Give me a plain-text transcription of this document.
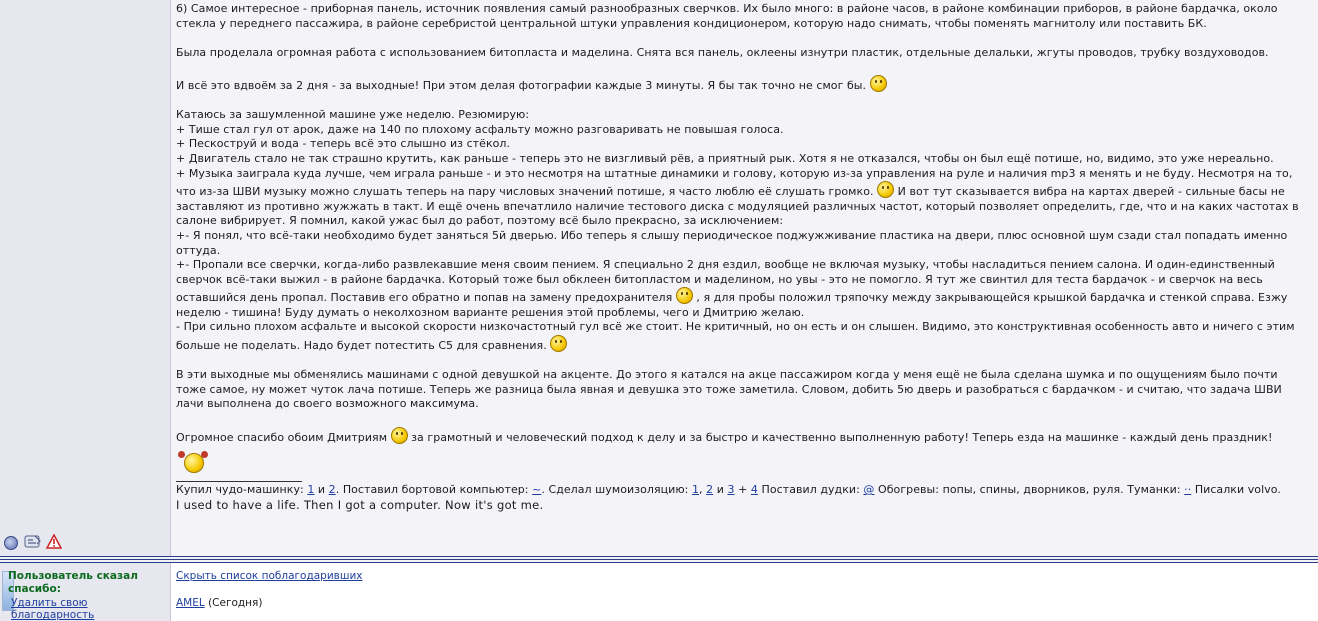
6) Самое интересное - приборная панель, источник появления самый разнообразных сверчков. Их было много: в районе часов, в районе комбинации приборов, в районе бардачка, около стекла у переднего пассажира, в районе серебристой центральной штуки управления кондиционером, которую надо снимать, чтобы поменять магнитолу или поставить БК.

Была проделала огромная работа с использованием битопласта и маделина. Снята вся панель, оклеены изнутри пластик, отдельные делальки, жгуты проводов, трубку воздуховодов.

И всё это вдвоём за 2 дня - за выходные! При этом делая фотографии каждые 3 минуты. Я бы так точно не смог бы.

Катаюсь за зашумленной машине уже неделю. Резюмирую:

+ Тише стал гул от арок, даже на 140 по плохому асфальту можно разговаривать не повышая голоса.

+ Пескоструй и вода - теперь всё это слышно из стёкол.

+ Двигатель стало не так страшно крутить, как раньше - теперь это не визгливый рёв, а приятный рык. Хотя я не отказался, чтобы он был ещё потише, но, видимо, это уже нереально.

+ Музыка заиграла куда лучше, чем играла раньше - и это несмотря на штатные динамики и голову, которую из-за управления на руле и наличия mp3 я менять и не буду. Несмотря на то, что из-за ШВИ музыку можно слушать теперь на пару числовых значений потише, я часто люблю её слушать громко. И вот тут сказывается вибра на картах дверей - сильные басы не заставляют из противно жужжать в такт. И ещё очень впечатлило наличие тестового диска с модуляцией различных частот, который позволяет определить, где, что и на каких частотах в салоне вибрирует. Я помнил, какой ужас был до работ, поэтому всё было прекрасно, за исключением:

+- Я понял, что всё-таки необходимо будет заняться 5й дверью. Ибо теперь я слышу периодическое поджужживание пластика на двери, плюс основной шум сзади стал попадать именно оттуда.

+- Пропали все сверчки, когда-либо развлекавшие меня своим пением. Я специально 2 дня ездил, вообще не включая музыку, чтобы насладиться пением салона. И один-единственный сверчок всё-таки выжил - в районе бардачка. Который тоже был обклеен битопластом и маделином, но увы - это не помогло. Я тут же свинтил для теста бардачок - и сверчок на весь оставшийся день пропал. Поставив его обратно и попав на замену предохранителя , я для пробы положил тряпочку между закрывающейся крышкой бардачка и стенкой справа. Езжу неделю - тишина! Буду думать о неколхозном варианте решения этой проблемы, чего и Дмитрию желаю.

- При сильно плохом асфальте и высокой скорости низкочастотный гул всё же стоит. Не критичный, но он есть и он слышен. Видимо, это конструктивная особенность авто и ничего с этим больше не поделать. Надо будет потестить С5 для сравнения.

В эти выходные мы обменялись машинами с одной девушкой на акценте. До этого я катался на акце пассажиром когда у меня ещё не была сделана шумка и по ощущениям было почти тоже самое, ну может чуток лача потише. Теперь же разница была явная и девушка это тоже заметила. Словом, добить 5ю дверь и разобраться с бардачком - и считаю, что задача ШВИ лачи выполнена до своего возможного максимума.

Огромное спасибо обоим Дмитриям за грамотный и человеческий подход к делу и за быстро и качественно выполненную работу! Теперь езда на машинке - каждый день праздник!

Купил чудо-машинку: 1 и 2. Поставил бортовой компьютер: ~. Сделал шумоизоляцию: 1, 2 и 3 + 4 Поставил дудки: @ Обогревы: попы, спины, дворников, руля. Туманки: ·· Писалки volvo.

I used to have a life. Then I got a computer. Now it's got me.

Пользователь сказал спасибо:
Удалить свою благодарность
Скрыть список поблагодаривших
AMEL (Сегодня)
